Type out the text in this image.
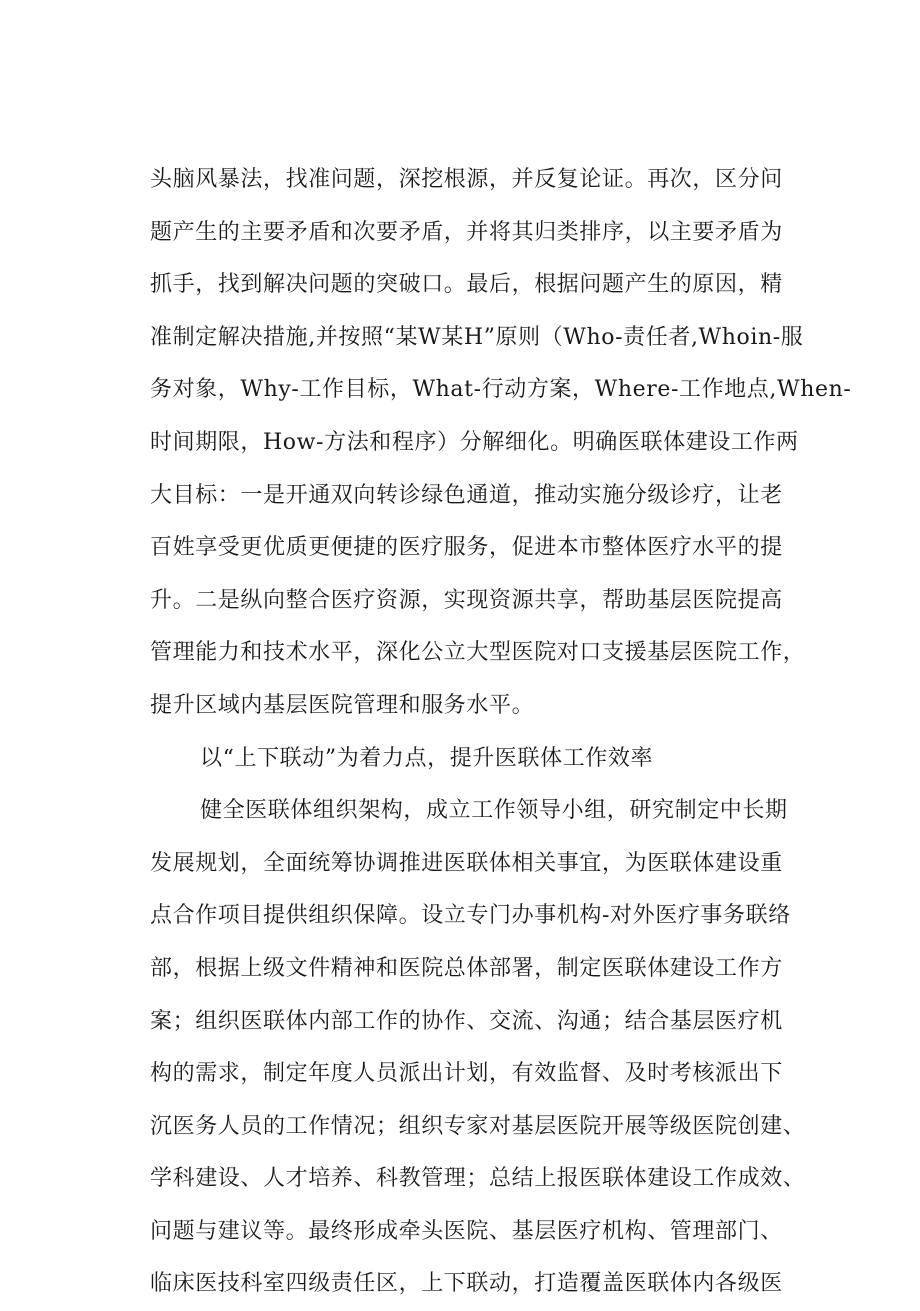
头脑风暴法，找准问题，深挖根源，并反复论证。再次，区分问
题产生的主要矛盾和次要矛盾，并将其归类排序，以主要矛盾为
抓手，找到解决问题的突破口。最后，根据问题产生的原因，精
准制定解决措施,并按照“某W某H”原则（Who-责任者,Whoin-服
务对象，Why-工作目标，What-行动方案，Where-工作地点,When-
时间期限，How-方法和程序）分解细化。明确医联体建设工作两
大目标：一是开通双向转诊绿色通道，推动实施分级诊疗，让老
百姓享受更优质更便捷的医疗服务，促进本市整体医疗水平的提
升。二是纵向整合医疗资源，实现资源共享，帮助基层医院提高
管理能力和技术水平，深化公立大型医院对口支援基层医院工作，
提升区域内基层医院管理和服务水平。
以“上下联动”为着力点，提升医联体工作效率
健全医联体组织架构，成立工作领导小组，研究制定中长期
发展规划，全面统筹协调推进医联体相关事宜，为医联体建设重
点合作项目提供组织保障。设立专门办事机构-对外医疗事务联络
部，根据上级文件精神和医院总体部署，制定医联体建设工作方
案；组织医联体内部工作的协作、交流、沟通；结合基层医疗机
构的需求，制定年度人员派出计划，有效监督、及时考核派出下
沉医务人员的工作情况；组织专家对基层医院开展等级医院创建、
学科建设、人才培养、科教管理；总结上报医联体建设工作成效、
问题与建议等。最终形成牵头医院、基层医疗机构、管理部门、
临床医技科室四级责任区，上下联动，打造覆盖医联体内各级医
